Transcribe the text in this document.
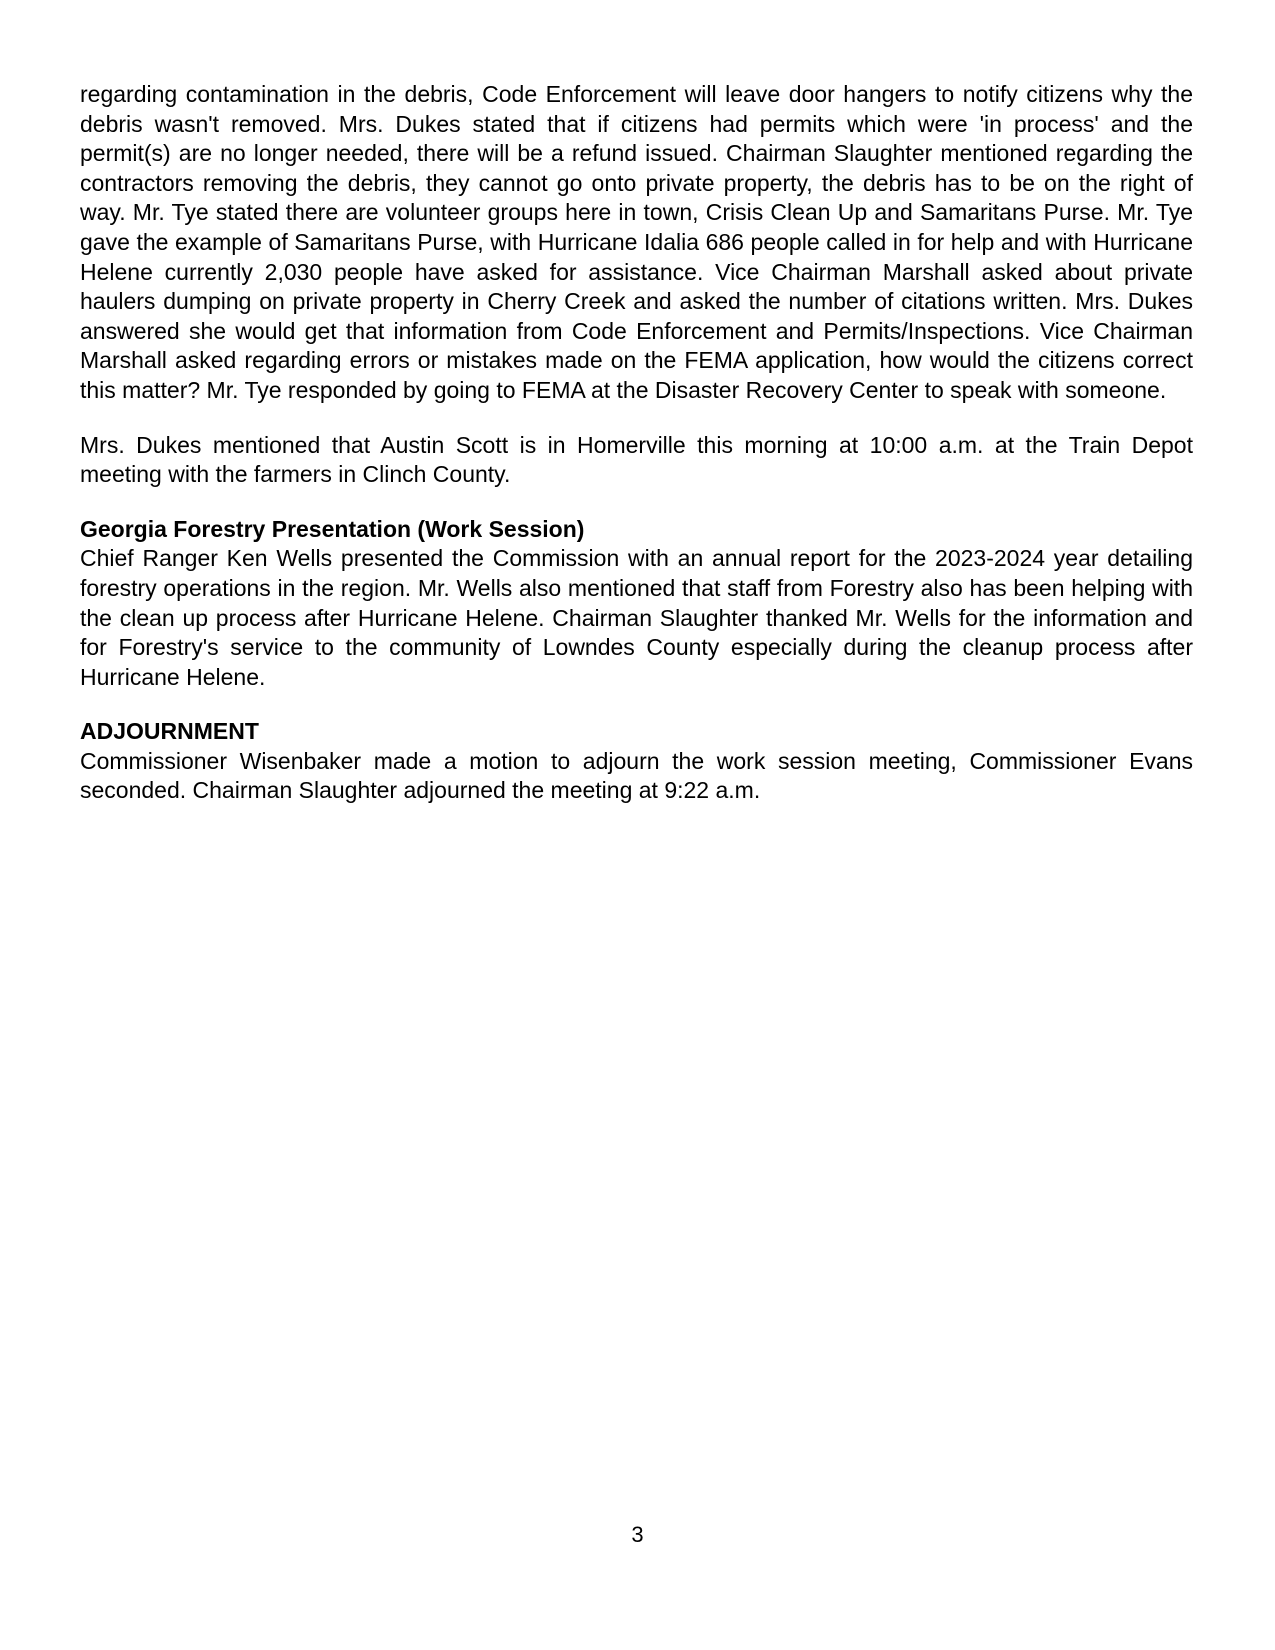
regarding contamination in the debris, Code Enforcement will leave door hangers to notify citizens why the debris wasn't removed. Mrs. Dukes stated that if citizens had permits which were 'in process' and the permit(s) are no longer needed, there will be a refund issued. Chairman Slaughter mentioned regarding the contractors removing the debris, they cannot go onto private property, the debris has to be on the right of way. Mr. Tye stated there are volunteer groups here in town, Crisis Clean Up and Samaritans Purse. Mr. Tye gave the example of Samaritans Purse, with Hurricane Idalia 686 people called in for help and with Hurricane Helene currently 2,030 people have asked for assistance. Vice Chairman Marshall asked about private haulers dumping on private property in Cherry Creek and asked the number of citations written. Mrs. Dukes answered she would get that information from Code Enforcement and Permits/Inspections. Vice Chairman Marshall asked regarding errors or mistakes made on the FEMA application, how would the citizens correct this matter? Mr. Tye responded by going to FEMA at the Disaster Recovery Center to speak with someone.

Mrs. Dukes mentioned that Austin Scott is in Homerville this morning at 10:00 a.m. at the Train Depot meeting with the farmers in Clinch County.

Georgia Forestry Presentation (Work Session)

Chief Ranger Ken Wells presented the Commission with an annual report for the 2023-2024 year detailing forestry operations in the region. Mr. Wells also mentioned that staff from Forestry also has been helping with the clean up process after Hurricane Helene. Chairman Slaughter thanked Mr. Wells for the information and for Forestry's service to the community of Lowndes County especially during the cleanup process after Hurricane Helene.

ADJOURNMENT

Commissioner Wisenbaker made a motion to adjourn the work session meeting, Commissioner Evans seconded. Chairman Slaughter adjourned the meeting at 9:22 a.m.

3
